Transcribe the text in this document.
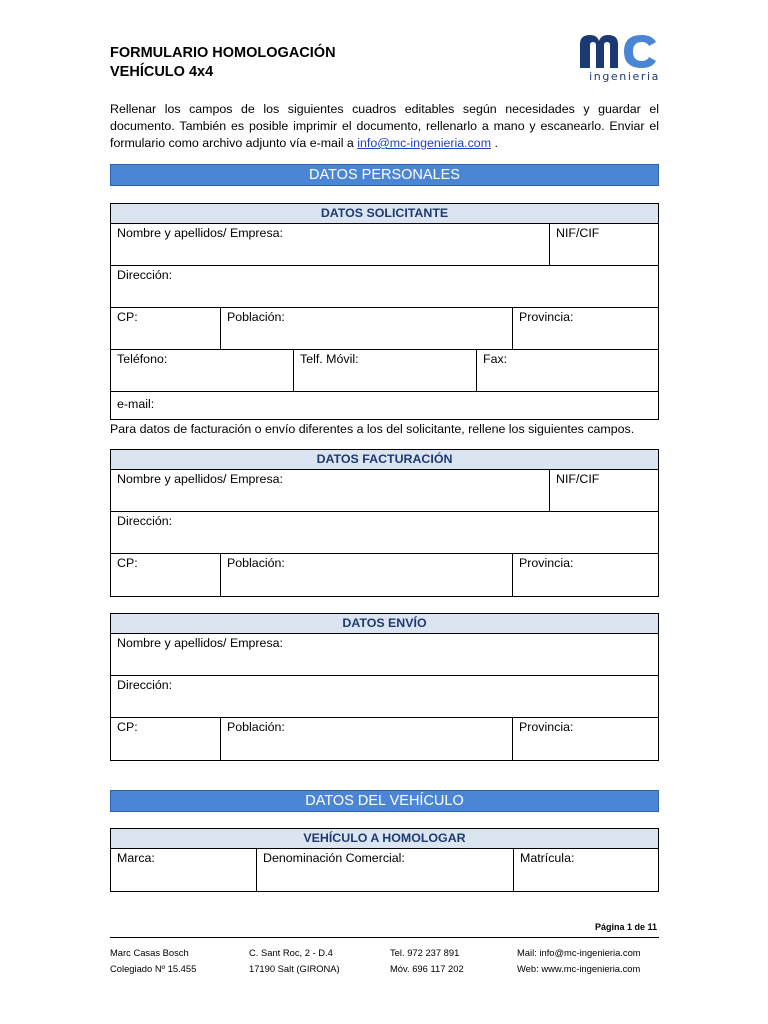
FORMULARIO HOMOLOGACIÓN
VEHÍCULO 4x4	ingenieria
Rellenar los campos de los siguientes cuadros editables según necesidades y guardar el documento. También es posible imprimir el documento, rellenarlo a mano y escanearlo. Enviar el formulario como archivo adjunto vía e-mail a info@mc-ingenieria.com .
DATOS PERSONALES
DATOS SOLICITANTE
Nombre y apellidos/ Empresa:	NIF/CIF
Dirección:
CP:	Población:	Provincia:
Teléfono:	Telf. Móvil:	Fax:
e-mail:
Para datos de facturación o envío diferentes a los del solicitante, rellene los siguientes campos.
DATOS FACTURACIÓN
Nombre y apellidos/ Empresa:	NIF/CIF
Dirección:
CP:	Población:	Provincia:
DATOS ENVÍO
Nombre y apellidos/ Empresa:
Dirección:
CP:	Población:	Provincia:
DATOS DEL VEHÍCULO
VEHÍCULO A HOMOLOGAR
Marca:	Denominación Comercial:	Matrícula:
Página 1 de 11
Marc Casas Bosch
Colegiado Nº 15.455
C. Sant Roc, 2 - D.4
17190 Salt (GIRONA)
Tel. 972 237 891
Móv. 696 117 202
Mail: info@mc-ingenieria.com
Web: www.mc-ingenieria.com
